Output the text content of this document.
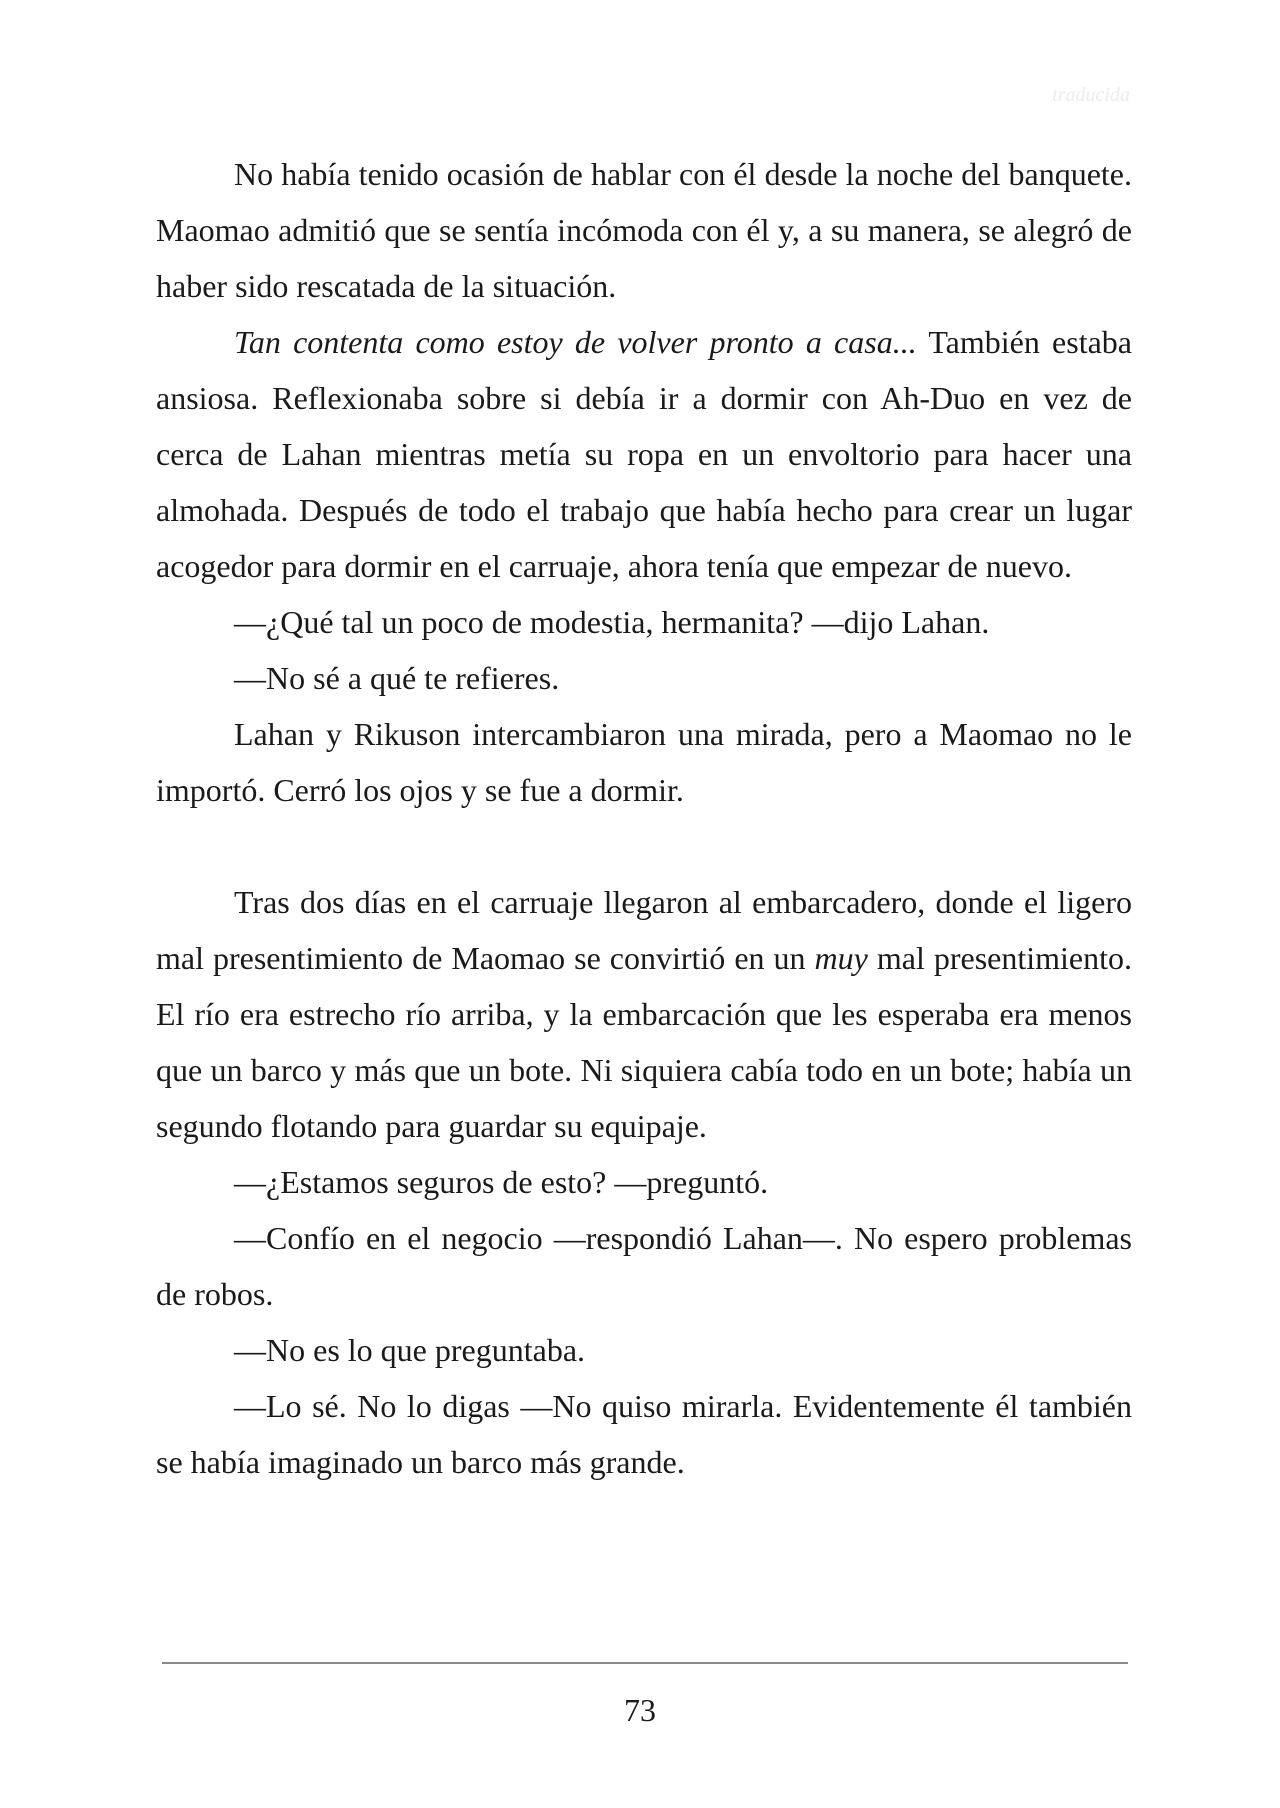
traducida

No había tenido ocasión de hablar con él desde la noche del banquete. Maomao admitió que se sentía incómoda con él y, a su manera, se alegró de haber sido rescatada de la situación.

Tan contenta como estoy de volver pronto a casa... También estaba ansiosa. Reflexionaba sobre si debía ir a dormir con Ah-Duo en vez de cerca de Lahan mientras metía su ropa en un envoltorio para hacer una almohada. Después de todo el trabajo que había hecho para crear un lugar acogedor para dormir en el carruaje, ahora tenía que empezar de nuevo.

—¿Qué tal un poco de modestia, hermanita? —dijo Lahan.

—No sé a qué te refieres.

Lahan y Rikuson intercambiaron una mirada, pero a Maomao no le importó. Cerró los ojos y se fue a dormir.

Tras dos días en el carruaje llegaron al embarcadero, donde el ligero mal presentimiento de Maomao se convirtió en un muy mal presentimiento. El río era estrecho río arriba, y la embarcación que les esperaba era menos que un barco y más que un bote. Ni siquiera cabía todo en un bote; había un segundo flotando para guardar su equipaje.

—¿Estamos seguros de esto? —preguntó.

—Confío en el negocio —respondió Lahan—. No espero problemas de robos.

—No es lo que preguntaba.

—Lo sé. No lo digas —No quiso mirarla. Evidentemente él también se había imaginado un barco más grande.

73
